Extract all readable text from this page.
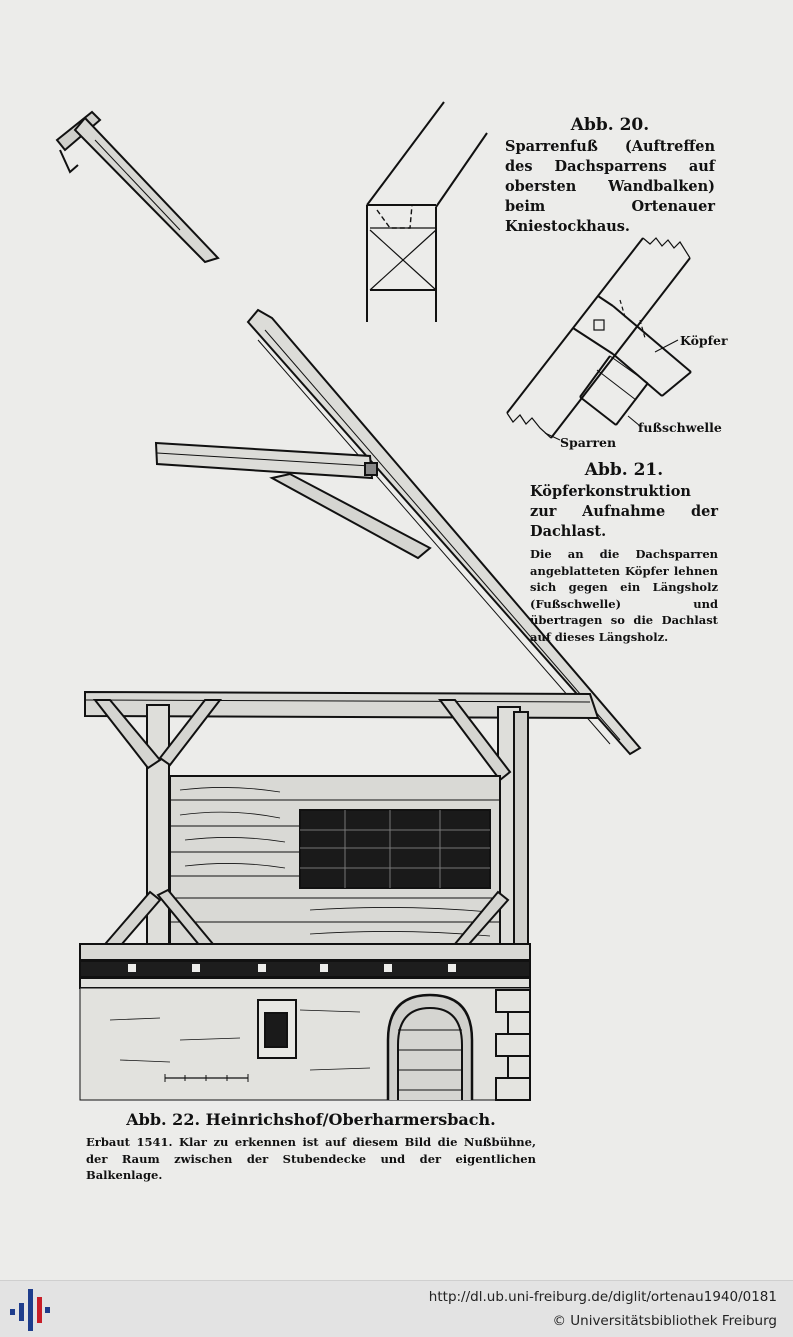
Abb. 20.
Sparrenfuß (Auftreffen des Dachsparrens auf obersten Wandbalken) beim Ortenauer Kniestockhaus.
Köpfer
fußschwelle
Sparren
Abb. 21.
Köpferkonstruktion zur Aufnahme der Dachlast.
Die an die Dachsparren angeblatteten Köpfer lehnen sich gegen ein Längsholz (Fußschwelle) und übertragen so die Dachlast auf dieses Längsholz.
Abb. 22. Heinrichshof/Oberharmersbach.
Erbaut 1541. Klar zu erkennen ist auf diesem Bild die Nußbühne, der Raum zwischen der Stubendecke und der eigentlichen Balkenlage.
http://dl.ub.uni-freiburg.de/diglit/ortenau1940/0181
© Universitätsbibliothek Freiburg
